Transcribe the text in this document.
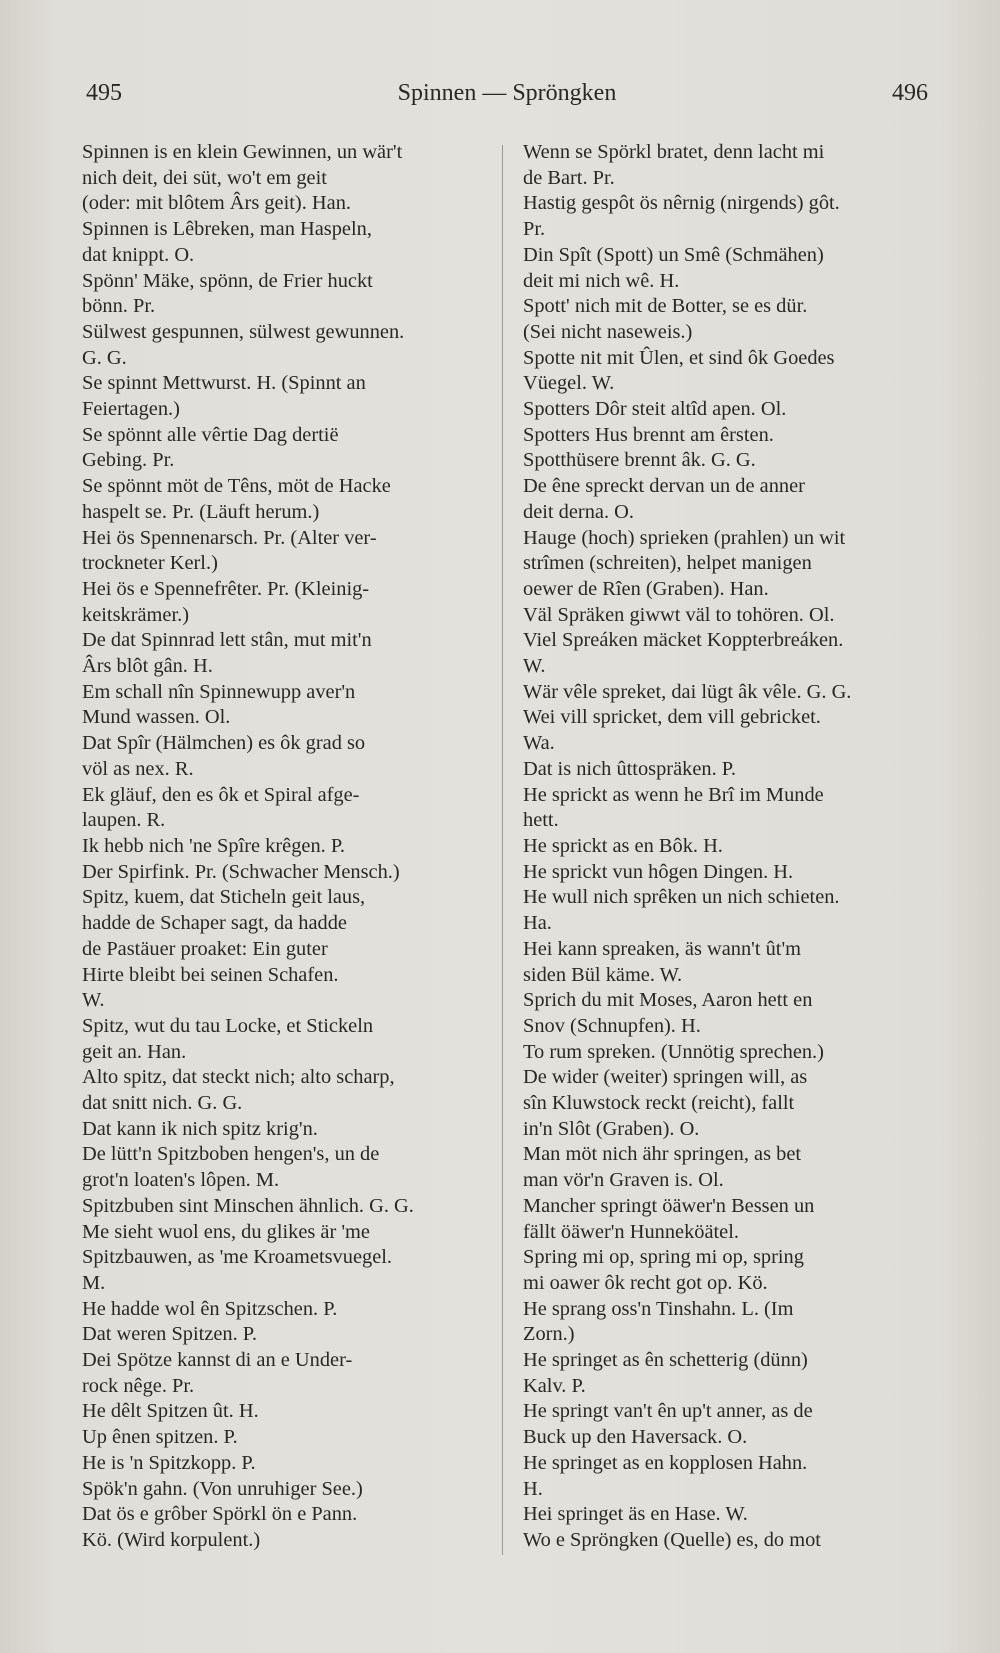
495	Spinnen — Spröngken	496
Spinnen is en klein Gewinnen, un wär't
nich deit, dei süt, wo't em geit
(oder: mit blôtem Ârs geit). Han.
Spinnen is Lêbreken, man Haspeln,
dat knippt. O.
Spönn' Mäke, spönn, de Frier huckt
bönn. Pr.
Sülwest gespunnen, sülwest gewunnen.
G. G.
Se spinnt Mettwurst. H. (Spinnt an
Feiertagen.)
Se spönnt alle vêrtie Dag dertië
Gebing. Pr.
Se spönnt möt de Têns, möt de Hacke
haspelt se. Pr. (Läuft herum.)
Hei ös Spennenarsch. Pr. (Alter ver-
trockneter Kerl.)
Hei ös e Spennefrêter. Pr. (Kleinig-
keitskrämer.)
De dat Spinnrad lett stân, mut mit'n
Ârs blôt gân. H.
Em schall nîn Spinnewupp aver'n
Mund wassen. Ol.
Dat Spîr (Hälmchen) es ôk grad so
völ as nex. R.
Ek gläuf, den es ôk et Spiral afge-
laupen. R.
Ik hebb nich 'ne Spîre krêgen. P.
Der Spirfink. Pr. (Schwacher Mensch.)
Spitz, kuem, dat Sticheln geit laus,
hadde de Schaper sagt, da hadde
de Pastäuer proaket: Ein guter
Hirte bleibt bei seinen Schafen.
W.
Spitz, wut du tau Locke, et Stickeln
geit an. Han.
Alto spitz, dat steckt nich; alto scharp,
dat snitt nich. G. G.
Dat kann ik nich spitz krig'n.
De lütt'n Spitzboben hengen's, un de
grot'n loaten's lôpen. M.
Spitzbuben sint Minschen ähnlich. G. G.
Me sieht wuol ens, du glikes är 'me
Spitzbauwen, as 'me Kroametsvuegel.
M.
He hadde wol ên Spitzschen. P.
Dat weren Spitzen. P.
Dei Spötze kannst di an e Under-
rock nêge. Pr.
He dêlt Spitzen ût. H.
Up ênen spitzen. P.
He is 'n Spitzkopp. P.
Spök'n gahn. (Von unruhiger See.)
Dat ös e grôber Spörkl ön e Pann.
Kö. (Wird korpulent.)
Wenn se Spörkl bratet, denn lacht mi
de Bart. Pr.
Hastig gespôt ös nêrnig (nirgends) gôt.
Pr.
Din Spît (Spott) un Smê (Schmähen)
deit mi nich wê. H.
Spott' nich mit de Botter, se es dür.
(Sei nicht naseweis.)
Spotte nit mit Ûlen, et sind ôk Goedes
Vüegel. W.
Spotters Dôr steit altîd apen. Ol.
Spotters Hus brennt am êrsten.
Spotthüsere brennt âk. G. G.
De êne spreckt dervan un de anner
deit derna. O.
Hauge (hoch) sprieken (prahlen) un wit
strîmen (schreiten), helpet manigen
oewer de Rîen (Graben). Han.
Väl Spräken giwwt väl to tohören. Ol.
Viel Spreáken mäcket Koppterbreáken.
W.
Wär vêle spreket, dai lügt âk vêle. G. G.
Wei vill spricket, dem vill gebricket.
Wa.
Dat is nich ûttospräken. P.
He sprickt as wenn he Brî im Munde
hett.
He sprickt as en Bôk. H.
He sprickt vun hôgen Dingen. H.
He wull nich sprêken un nich schieten.
Ha.
Hei kann spreaken, äs wann't ût'm
siden Bül käme. W.
Sprich du mit Moses, Aaron hett en
Snov (Schnupfen). H.
To rum spreken. (Unnötig sprechen.)
De wider (weiter) springen will, as
sîn Kluwstock reckt (reicht), fallt
in'n Slôt (Graben). O.
Man möt nich ähr springen, as bet
man vör'n Graven is. Ol.
Mancher springt öäwer'n Bessen un
fällt öäwer'n Hunneköätel.
Spring mi op, spring mi op, spring
mi oawer ôk recht got op. Kö.
He sprang oss'n Tinshahn. L. (Im
Zorn.)
He springet as ên schetterig (dünn)
Kalv. P.
He springt van't ên up't anner, as de
Buck up den Haversack. O.
He springet as en kopplosen Hahn.
H.
Hei springet äs en Hase. W.
Wo e Spröngken (Quelle) es, do mot
